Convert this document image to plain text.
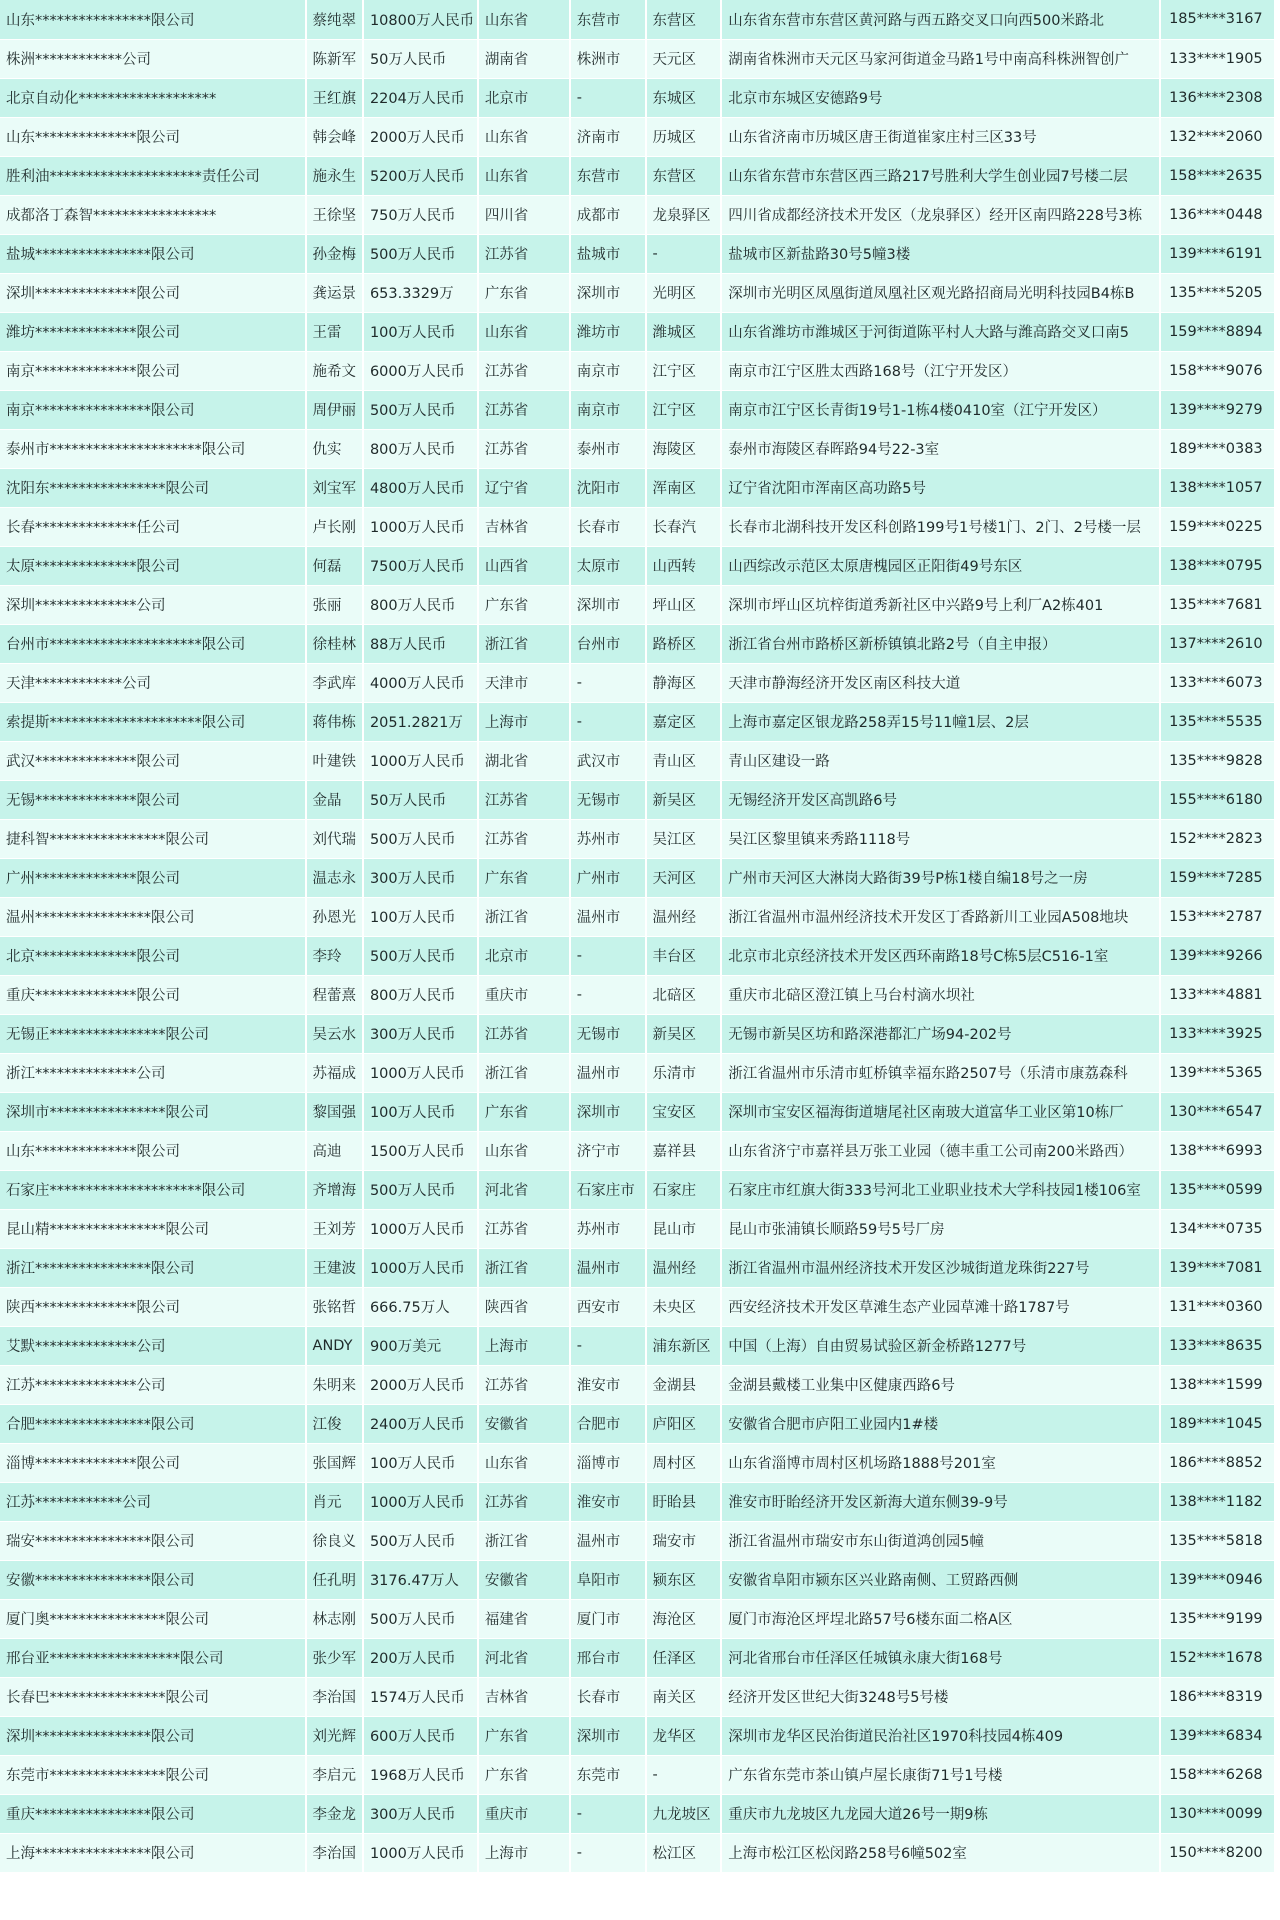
山东****************限公司	蔡纯翠	10800万人民币	山东省	东营市	东营区	山东省东营市东营区黄河路与西五路交叉口向西500米路北	185****3167
株洲************公司	陈新军	50万人民币	湖南省	株洲市	天元区	湖南省株洲市天元区马家河街道金马路1号中南高科株洲智创广	133****1905
北京自动化*******************	王红旗	2204万人民币	北京市	-	东城区	北京市东城区安德路9号	136****2308
山东**************限公司	韩会峰	2000万人民币	山东省	济南市	历城区	山东省济南市历城区唐王街道崔家庄村三区33号	132****2060
胜利油*********************责任公司	施永生	5200万人民币	山东省	东营市	东营区	山东省东营市东营区西三路217号胜利大学生创业园7号楼二层	158****2635
成都洛丁森智*****************	王徐坚	750万人民币	四川省	成都市	龙泉驿区	四川省成都经济技术开发区（龙泉驿区）经开区南四路228号3栋	136****0448
盐城****************限公司	孙金梅	500万人民币	江苏省	盐城市	-	盐城市区新盐路30号5幢3楼	139****6191
深圳**************限公司	龚运景	653.3329万	广东省	深圳市	光明区	深圳市光明区凤凰街道凤凰社区观光路招商局光明科技园B4栋B	135****5205
潍坊**************限公司	王雷	100万人民币	山东省	潍坊市	潍城区	山东省潍坊市潍城区于河街道陈平村人大路与潍高路交叉口南5	159****8894
南京**************限公司	施希文	6000万人民币	江苏省	南京市	江宁区	南京市江宁区胜太西路168号（江宁开发区）	158****9076
南京****************限公司	周伊丽	500万人民币	江苏省	南京市	江宁区	南京市江宁区长青街19号1-1栋4楼0410室（江宁开发区）	139****9279
泰州市*********************限公司	仇实	800万人民币	江苏省	泰州市	海陵区	泰州市海陵区春晖路94号22-3室	189****0383
沈阳东****************限公司	刘宝军	4800万人民币	辽宁省	沈阳市	浑南区	辽宁省沈阳市浑南区高功路5号	138****1057
长春**************任公司	卢长刚	1000万人民币	吉林省	长春市	长春汽	长春市北湖科技开发区科创路199号1号楼1门、2门、2号楼一层	159****0225
太原**************限公司	何磊	7500万人民币	山西省	太原市	山西转	山西综改示范区太原唐槐园区正阳街49号东区	138****0795
深圳**************公司	张丽	800万人民币	广东省	深圳市	坪山区	深圳市坪山区坑梓街道秀新社区中兴路9号上利厂A2栋401	135****7681
台州市*********************限公司	徐桂林	88万人民币	浙江省	台州市	路桥区	浙江省台州市路桥区新桥镇镇北路2号（自主申报）	137****2610
天津************公司	李武库	4000万人民币	天津市	-	静海区	天津市静海经济开发区南区科技大道	133****6073
索提斯*********************限公司	蒋伟栋	2051.2821万	上海市	-	嘉定区	上海市嘉定区银龙路258弄15号11幢1层、2层	135****5535
武汉**************限公司	叶建铁	1000万人民币	湖北省	武汉市	青山区	青山区建设一路	135****9828
无锡**************限公司	金晶	50万人民币	江苏省	无锡市	新吴区	无锡经济开发区高凯路6号	155****6180
捷科智****************限公司	刘代瑞	500万人民币	江苏省	苏州市	吴江区	吴江区黎里镇来秀路1118号	152****2823
广州**************限公司	温志永	300万人民币	广东省	广州市	天河区	广州市天河区大淋岗大路街39号P栋1楼自编18号之一房	159****7285
温州****************限公司	孙恩光	100万人民币	浙江省	温州市	温州经	浙江省温州市温州经济技术开发区丁香路新川工业园A508地块	153****2787
北京**************限公司	李玲	500万人民币	北京市	-	丰台区	北京市北京经济技术开发区西环南路18号C栋5层C516-1室	139****9266
重庆**************限公司	程蕾熹	800万人民币	重庆市	-	北碚区	重庆市北碚区澄江镇上马台村滴水坝社	133****4881
无锡正****************限公司	吴云水	300万人民币	江苏省	无锡市	新吴区	无锡市新吴区坊和路深港都汇广场94-202号	133****3925
浙江**************公司	苏福成	1000万人民币	浙江省	温州市	乐清市	浙江省温州市乐清市虹桥镇幸福东路2507号（乐清市康荔森科	139****5365
深圳市****************限公司	黎国强	100万人民币	广东省	深圳市	宝安区	深圳市宝安区福海街道塘尾社区南玻大道富华工业区第10栋厂	130****6547
山东**************限公司	高迪	1500万人民币	山东省	济宁市	嘉祥县	山东省济宁市嘉祥县万张工业园（德丰重工公司南200米路西）	138****6993
石家庄*********************限公司	齐增海	500万人民币	河北省	石家庄市	石家庄	石家庄市红旗大街333号河北工业职业技术大学科技园1楼106室	135****0599
昆山精****************限公司	王刘芳	1000万人民币	江苏省	苏州市	昆山市	昆山市张浦镇长顺路59号5号厂房	134****0735
浙江****************限公司	王建波	1000万人民币	浙江省	温州市	温州经	浙江省温州市温州经济技术开发区沙城街道龙珠街227号	139****7081
陕西**************限公司	张铭哲	666.75万人	陕西省	西安市	未央区	西安经济技术开发区草滩生态产业园草滩十路1787号	131****0360
艾默**************公司	ANDY	900万美元	上海市	-	浦东新区	中国（上海）自由贸易试验区新金桥路1277号	133****8635
江苏**************公司	朱明来	2000万人民币	江苏省	淮安市	金湖县	金湖县戴楼工业集中区健康西路6号	138****1599
合肥****************限公司	江俊	2400万人民币	安徽省	合肥市	庐阳区	安徽省合肥市庐阳工业园内1#楼	189****1045
淄博**************限公司	张国辉	100万人民币	山东省	淄博市	周村区	山东省淄博市周村区机场路1888号201室	186****8852
江苏************公司	肖元	1000万人民币	江苏省	淮安市	盱眙县	淮安市盱眙经济开发区新海大道东侧39-9号	138****1182
瑞安****************限公司	徐良义	500万人民币	浙江省	温州市	瑞安市	浙江省温州市瑞安市东山街道鸿创园5幢	135****5818
安徽****************限公司	任孔明	3176.47万人	安徽省	阜阳市	颍东区	安徽省阜阳市颍东区兴业路南侧、工贸路西侧	139****0946
厦门奥****************限公司	林志刚	500万人民币	福建省	厦门市	海沧区	厦门市海沧区坪埕北路57号6楼东面二格A区	135****9199
邢台亚******************限公司	张少军	200万人民币	河北省	邢台市	任泽区	河北省邢台市任泽区任城镇永康大街168号	152****1678
长春巴****************限公司	李治国	1574万人民币	吉林省	长春市	南关区	经济开发区世纪大街3248号5号楼	186****8319
深圳****************限公司	刘光辉	600万人民币	广东省	深圳市	龙华区	深圳市龙华区民治街道民治社区1970科技园4栋409	139****6834
东莞市****************限公司	李启元	1968万人民币	广东省	东莞市	-	广东省东莞市茶山镇卢屋长康街71号1号楼	158****6268
重庆****************限公司	李金龙	300万人民币	重庆市	-	九龙坡区	重庆市九龙坡区九龙园大道26号一期9栋	130****0099
上海****************限公司	李治国	1000万人民币	上海市	-	松江区	上海市松江区松闵路258号6幢502室	150****8200
